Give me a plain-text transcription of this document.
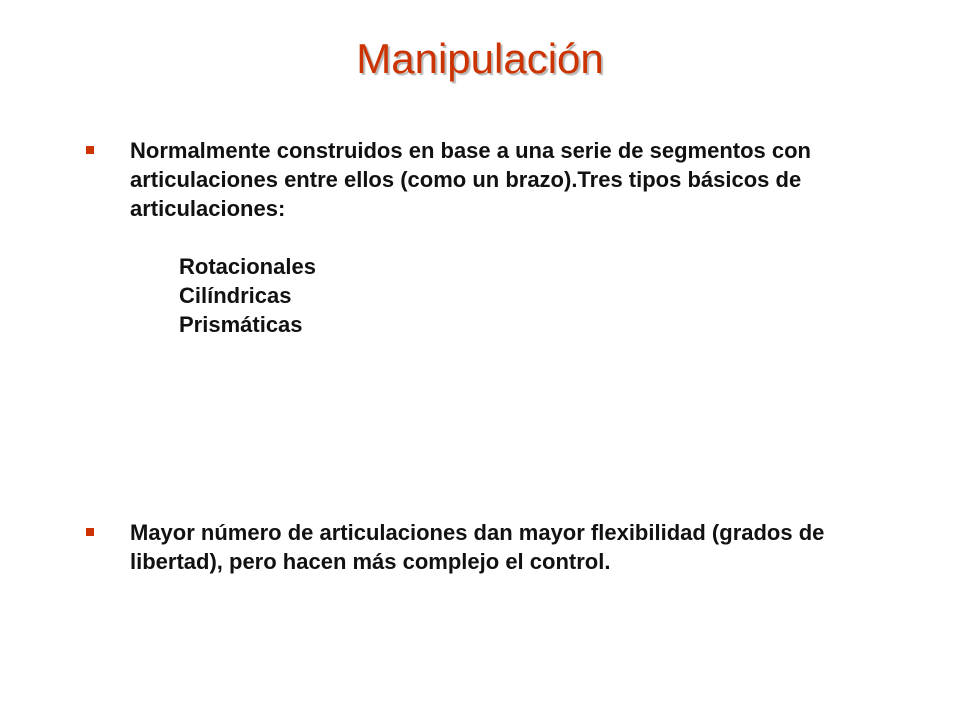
Manipulación
Normalmente construidos en base a una serie de segmentos con articulaciones entre ellos (como un brazo).Tres tipos básicos de articulaciones:
Rotacionales
Cilíndricas
Prismáticas
Mayor número de articulaciones dan mayor flexibilidad (grados de libertad), pero hacen más complejo el control.
